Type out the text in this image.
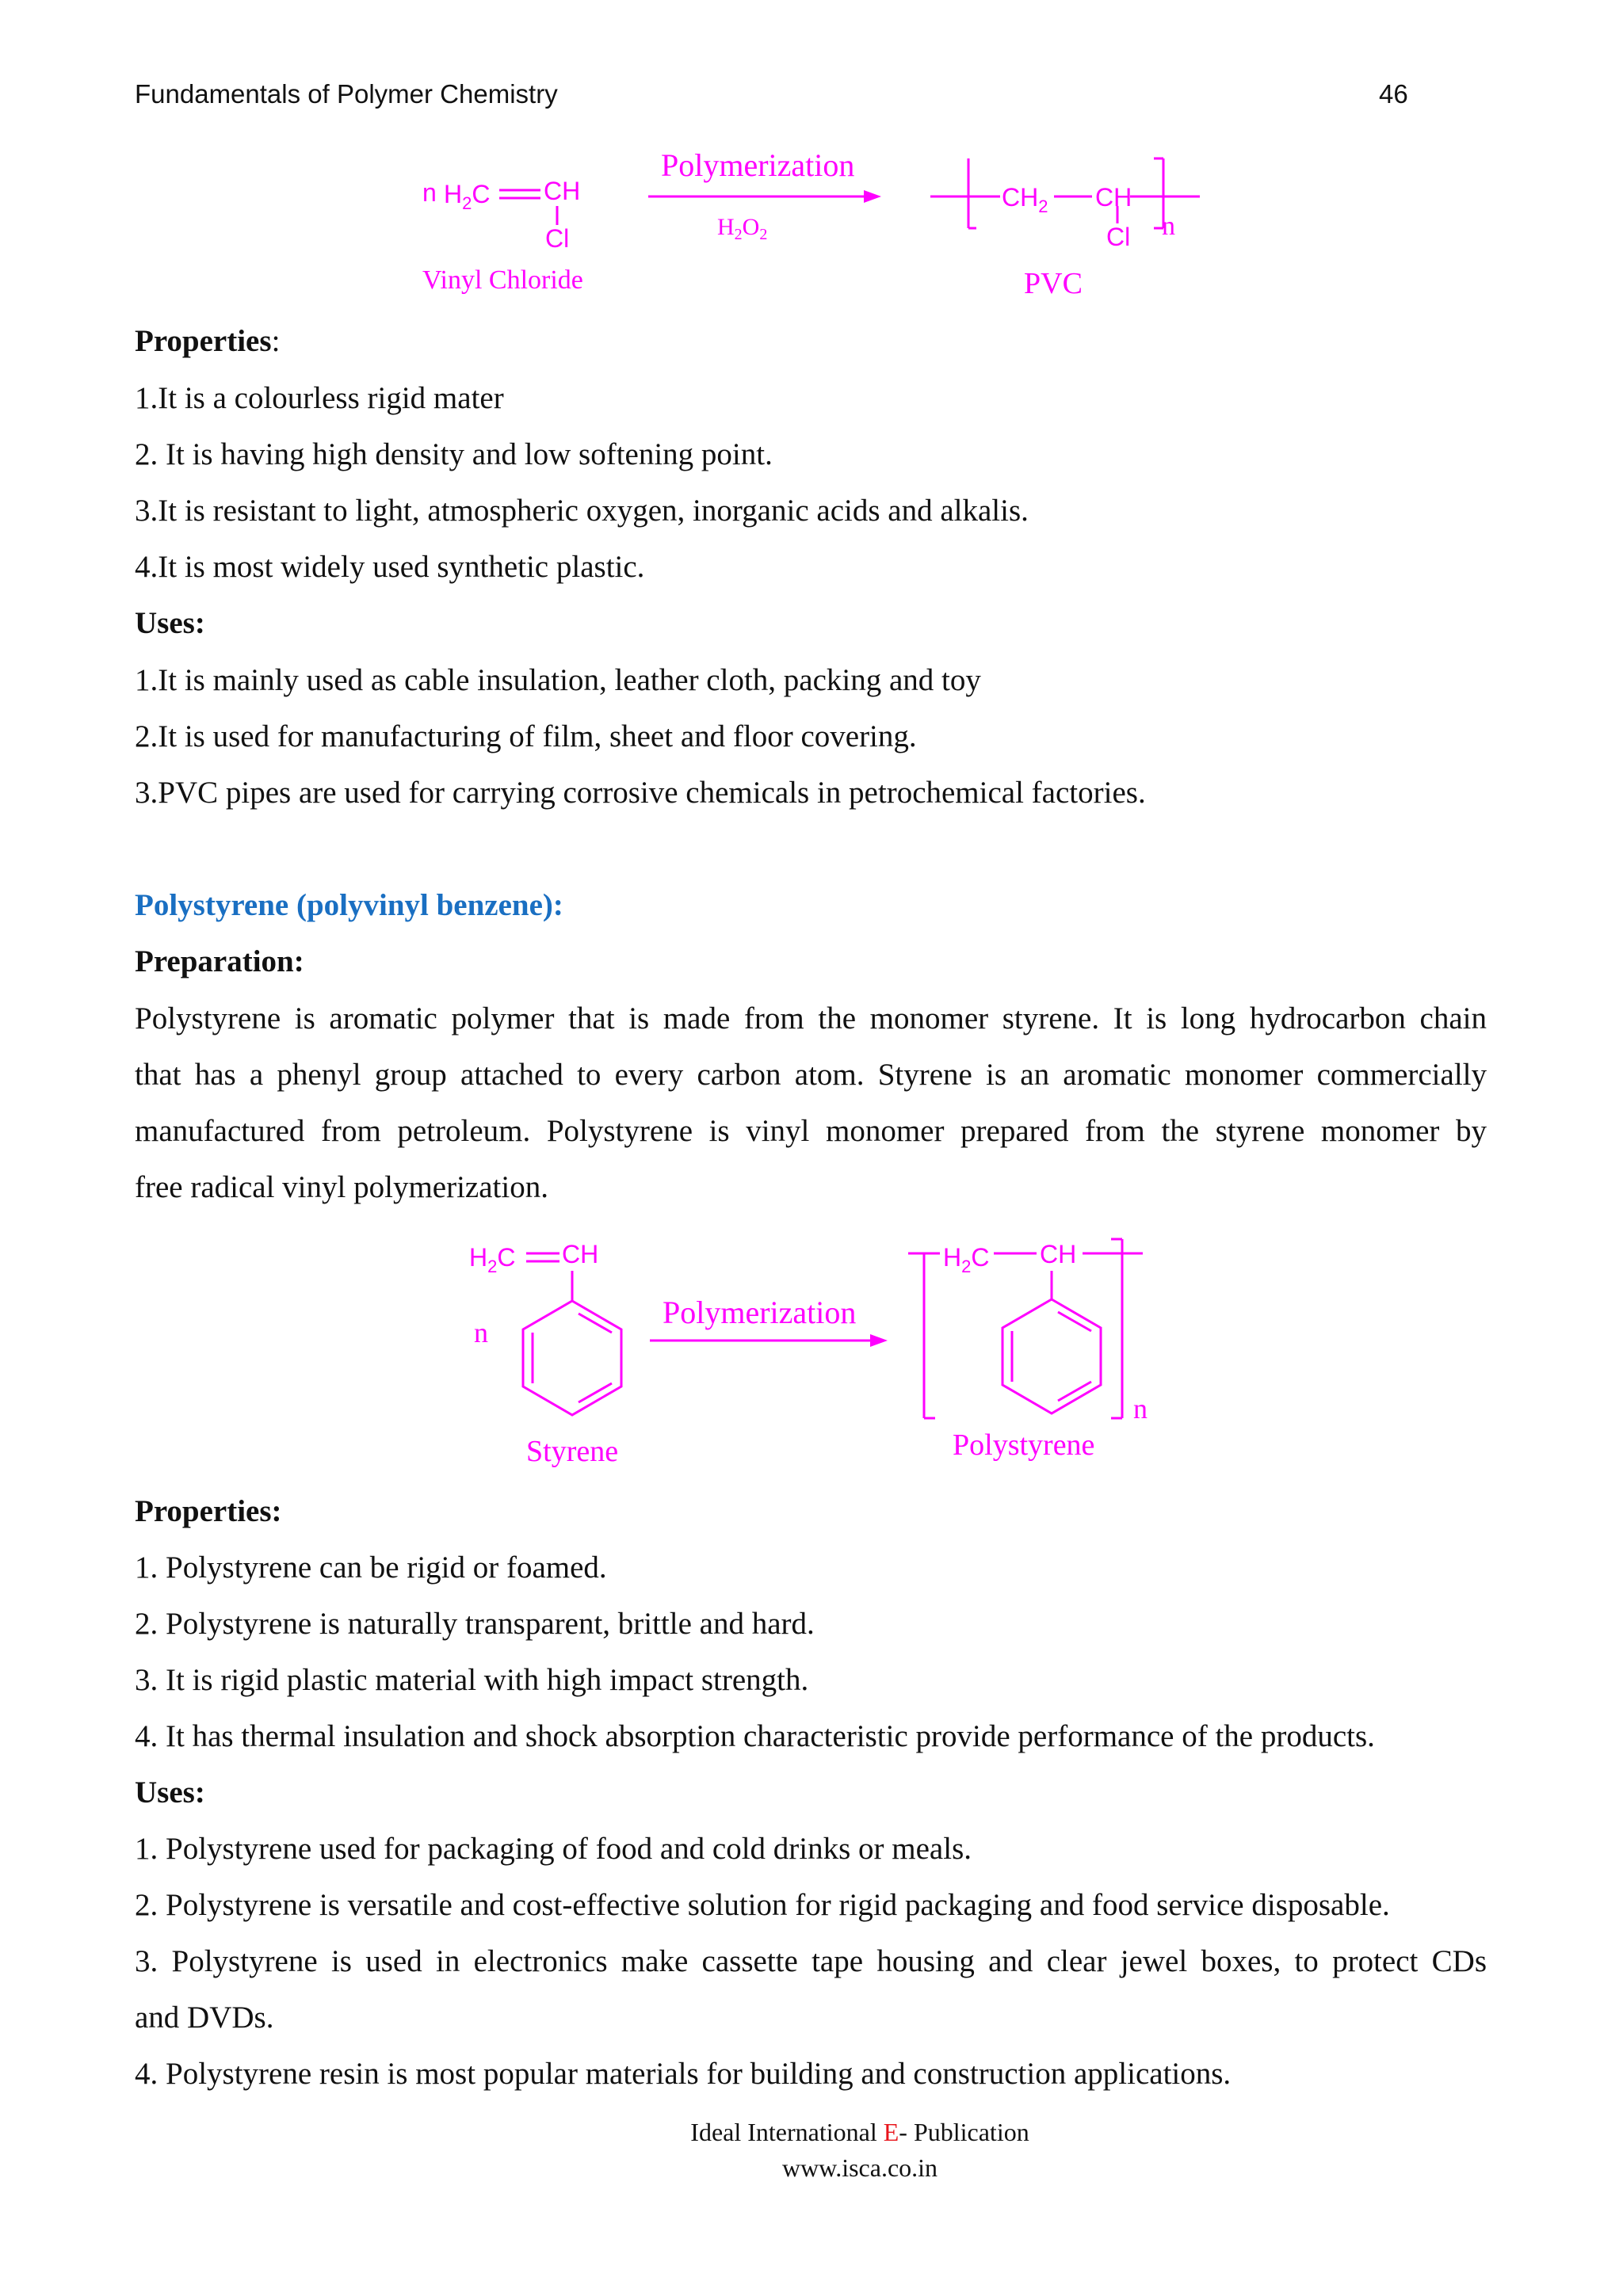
Fundamentals of Polymer Chemistry	46
n $H_2C$ CH
Cl
Vinyl Chloride
Polymerization
$H_2O_2$
$CH_2$ CH
Cl n
PVC
Properties:
1.It is a colourless rigid mater
2. It is having high density and low softening point.
3.It is resistant to light, atmospheric oxygen, inorganic acids and alkalis.
4.It is most widely used synthetic plastic.
Uses:
1.It is mainly used as cable insulation, leather cloth, packing and toy
2.It is used for manufacturing of film, sheet and floor covering.
3.PVC pipes are used for carrying corrosive chemicals in petrochemical factories.
Polystyrene (polyvinyl benzene):
Preparation:

Polystyrene is aromatic polymer that is made from the monomer styrene. It is long hydrocarbon chain

that has a phenyl group attached to every carbon atom. Styrene is an aromatic monomer commercially

manufactured from petroleum. Polystyrene is vinyl monomer prepared from the styrene monomer by

free radical vinyl polymerization.

$H_2C$ CH
n
Styrene
Polymerization
$H_2C$ CH
n
Polystyrene
Properties:
1. Polystyrene can be rigid or foamed.
2. Polystyrene is naturally transparent, brittle and hard.
3. It is rigid plastic material with high impact strength.
4. It has thermal insulation and shock absorption characteristic provide performance of the products.
Uses:
1. Polystyrene used for packaging of food and cold drinks or meals.
2. Polystyrene is versatile and cost-effective solution for rigid packaging and food service disposable.

3. Polystyrene is used in electronics make cassette tape housing and clear jewel boxes, to protect CDs

and DVDs.

4. Polystyrene resin is most popular materials for building and construction applications.
Ideal International E- Publication
www.isca.co.in
